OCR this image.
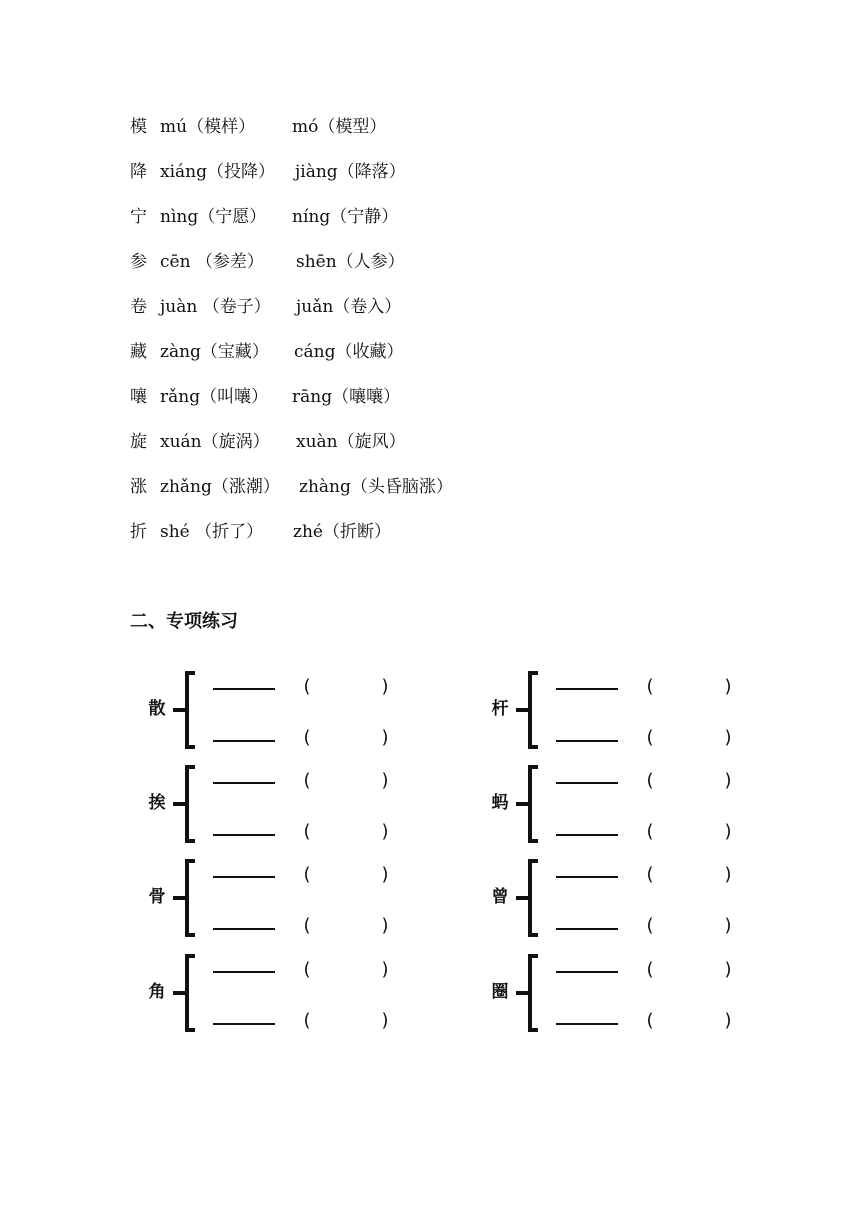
模 mú（模样） mó（模型）
降 xiáng（投降） jiàng（降落）
宁 nìng（宁愿） níng（宁静）
参 cēn （参差） shēn（人参）
卷 juàn （卷子） juǎn（卷入）
藏 zàng（宝藏） cáng（收藏）
嚷 rǎng（叫嚷） rāng（嚷嚷）
旋 xuán（旋涡） xuàn（旋风）
涨 zhǎng（涨潮） zhàng（头昏脑涨）
折 shé （折了） zhé（折断）
二、专项练习
散
(	)
(	)
杆
(	)
(	)
挨
(	)
(	)
蚂
(	)
(	)
骨
(	)
(	)
曾
(	)
(	)
角
(	)
(	)
圈
(	)
(	)
